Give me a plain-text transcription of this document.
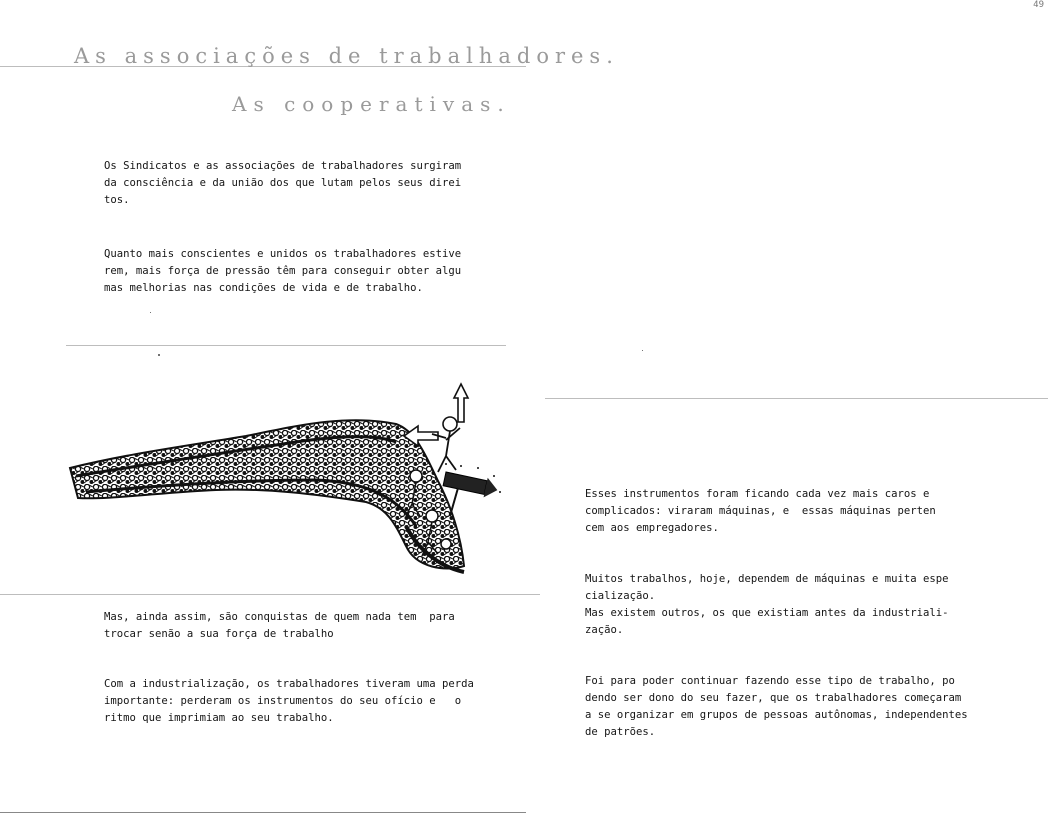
49
As associações de trabalhadores.
As cooperativas.

Os Sindicatos e as associações de trabalhadores surgiram
da consciência e da união dos que lutam pelos seus direi
tos.

Quanto mais conscientes e unidos os trabalhadores estive
rem, mais força de pressão têm para conseguir obter algu
mas melhorias nas condições de vida e de trabalho.

Mas, ainda assim, são conquistas de quem nada tem  para
trocar senão a sua força de trabalho

Com a industrialização, os trabalhadores tiveram uma perda
importante: perderam os instrumentos do seu ofício e   o
ritmo que imprimiam ao seu trabalho.

Esses instrumentos foram ficando cada vez mais caros e
complicados: viraram máquinas, e  essas máquinas perten
cem aos empregadores.

Muitos trabalhos, hoje, dependem de máquinas e muita espe
cialização.
Mas existem outros, os que existiam antes da industriali-
zação.

Foi para poder continuar fazendo esse tipo de trabalho, po
dendo ser dono do seu fazer, que os trabalhadores começaram
a se organizar em grupos de pessoas autônomas, independentes
de patrões.
